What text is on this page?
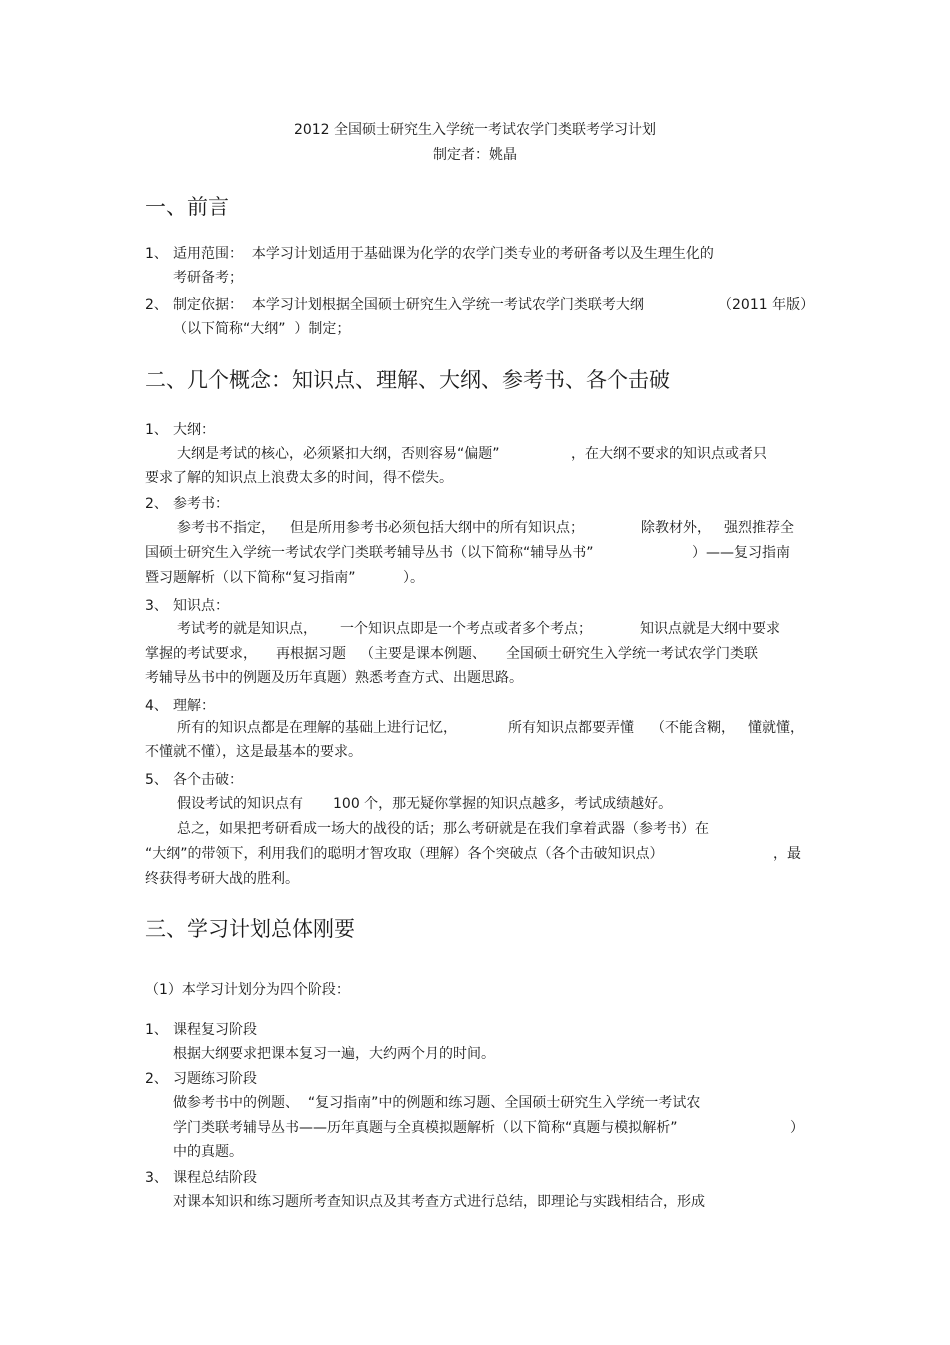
2012 全国硕士研究生入学统一考试农学门类联考学习计划
制定者：姚晶
一、前言
1、 适用范围：  本学习计划适用于基础课为化学的农学门类专业的考研备考以及生理生化的
考研备考；
2、 制定依据：  本学习计划根据全国硕士研究生入学统一考试农学门类联考大纲	（2011 年版）
（以下简称“大纲”  ）制定；
二、几个概念：知识点、理解、大纲、参考书、各个击破
1、 大纲：
大纲是考试的核心，必须紧扣大纲，否则容易“偏题”	，在大纲不要求的知识点或者只
要求了解的知识点上浪费太多的时间，得不偿失。
2、 参考书：
参考书不指定， 但是所用参考书必须包括大纲中的所有知识点；	除教材外， 强烈推荐全
国硕士研究生入学统一考试农学门类联考辅导丛书（以下简称“辅导丛书”	）——复习指南
暨习题解析（以下简称“复习指南”	）。
3、 知识点：
考试考的就是知识点， 一个知识点即是一个考点或者多个考点；	知识点就是大纲中要求
掌握的考试要求， 再根据习题 （主要是课本例题、 全国硕士研究生入学统一考试农学门类联
考辅导丛书中的例题及历年真题）熟悉考查方式、出题思路。
4、 理解：
所有的知识点都是在理解的基础上进行记忆，	所有知识点都要弄懂 （不能含糊， 懂就懂，
不懂就不懂），这是最基本的要求。
5、 各个击破：
假设考试的知识点有 100 个，那无疑你掌握的知识点越多，考试成绩越好。
总之，如果把考研看成一场大的战役的话；那么考研就是在我们拿着武器（参考书）在
“大纲”的带领下，利用我们的聪明才智攻取（理解）各个突破点（各个击破知识点）	，最
终获得考研大战的胜利。
三、学习计划总体刚要
（1）本学习计划分为四个阶段：
1、 课程复习阶段
根据大纲要求把课本复习一遍，大约两个月的时间。
2、 习题练习阶段
做参考书中的例题、  “复习指南”中的例题和练习题、全国硕士研究生入学统一考试农
学门类联考辅导丛书——历年真题与全真模拟题解析（以下简称“真题与模拟解析”	）
中的真题。
3、 课程总结阶段
对课本知识和练习题所考查知识点及其考查方式进行总结，即理论与实践相结合，形成
